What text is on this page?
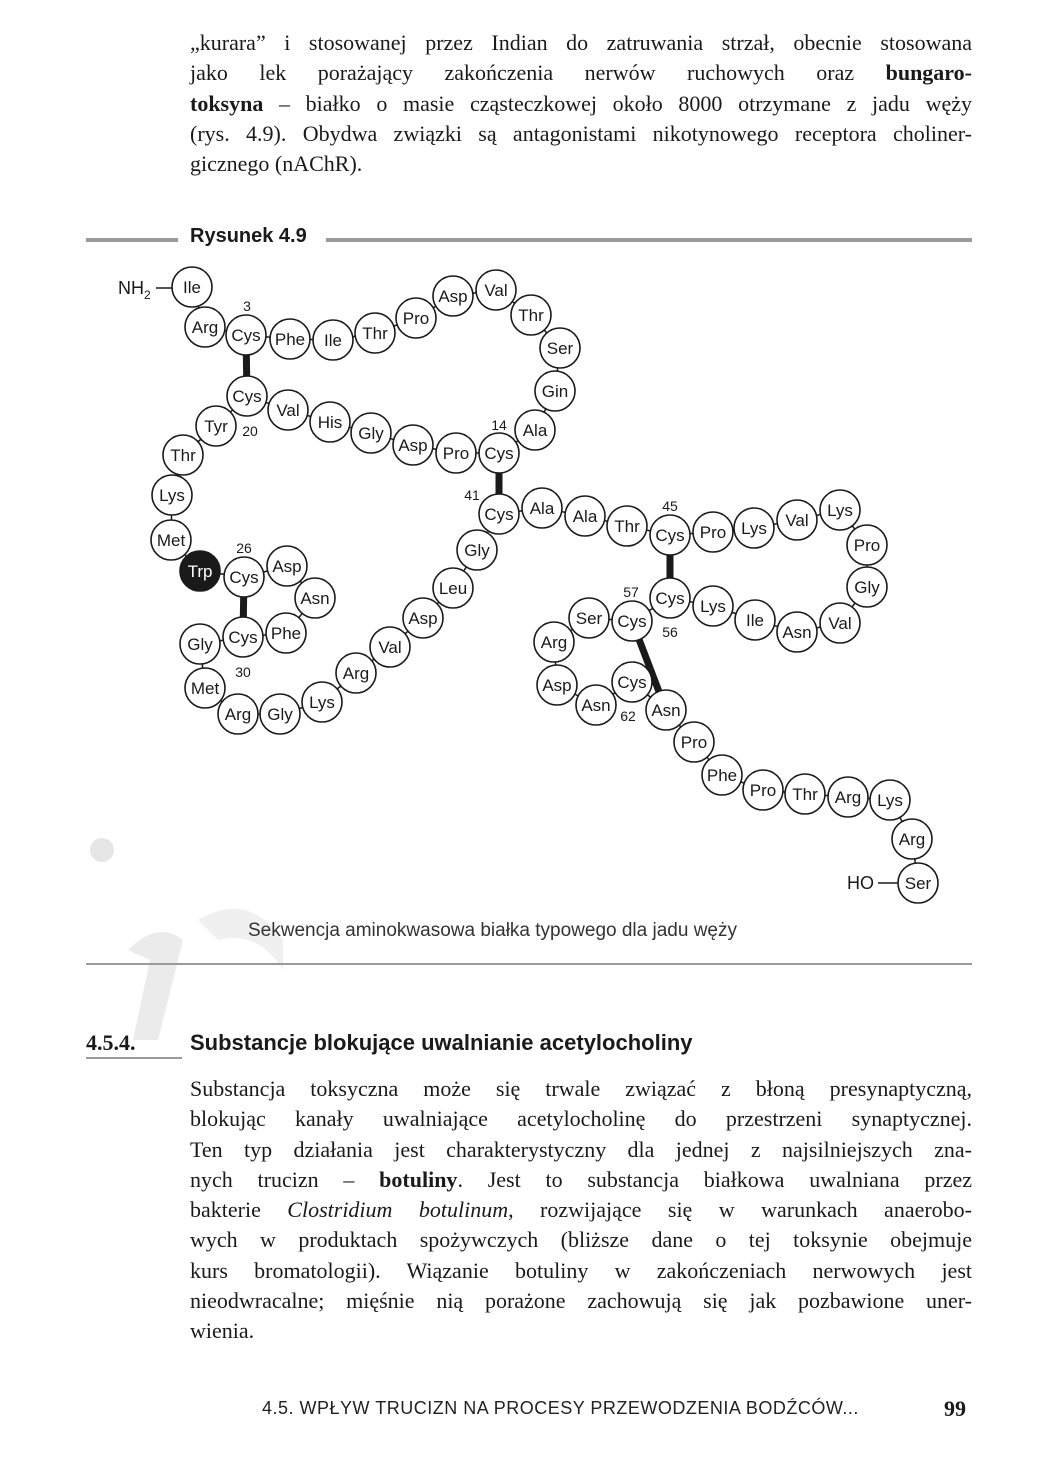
„kurara” i stosowanej przez Indian do zatruwania strzał, obecnie stosowana
jako lek porażający zakończenia nerwów ruchowych oraz bungaro-
toksyna – białko o masie cząsteczkowej około 8000 otrzymane z jadu węży
(rys. 4.9). Obydwa związki są antagonistami nikotynowego receptora choliner-
gicznego (nAChR).
Rysunek 4.9
$NH_2$
HO
Ile
Arg Cys Phe Ile Thr
Pro
Asp Val
Thr
Ser
Gin
Ala
Cys
Pro
Asp
Gly
His
Val
Cys
Tyr
Thr
Lys
Met
Trp Cys
Asp
Asn
Phe
Cys
Gly
Met
Arg Gly
Lys
Arg
Val
Asp
Leu
Gly
Cys Ala Ala
Thr Cys Pro Lys Val
Lys
Pro
Gly
Val
Asn
Ile
Lys
Cys
Cys
Ser
Arg
Asp
Asn
Cys
Asn
Pro
Phe
Pro Thr Arg Lys
Arg
Ser
3
14
20
41
45
26
57
56
30
62
Sekwencja aminokwasowa białka typowego dla jadu węży
4.5.4. Substancje blokujące uwalnianie acetylocholiny
Substancja toksyczna może się trwale związać z błoną presynaptyczną,
blokując kanały uwalniające acetylocholinę do przestrzeni synaptycznej.
Ten typ działania jest charakterystyczny dla jednej z najsilniejszych zna-
nych trucizn – botuliny. Jest to substancja białkowa uwalniana przez
bakterie Clostridium botulinum, rozwijające się w warunkach anaerobo-
wych w produktach spożywczych (bliższe dane o tej toksynie obejmuje
kurs bromatologii). Wiązanie botuliny w zakończeniach nerwowych jest
nieodwracalne; mięśnie nią porażone zachowują się jak pozbawione uner-
wienia.
4.5. WPŁYW TRUCIZN NA PROCESY PRZEWODZENIA BODŹCÓW...	99
